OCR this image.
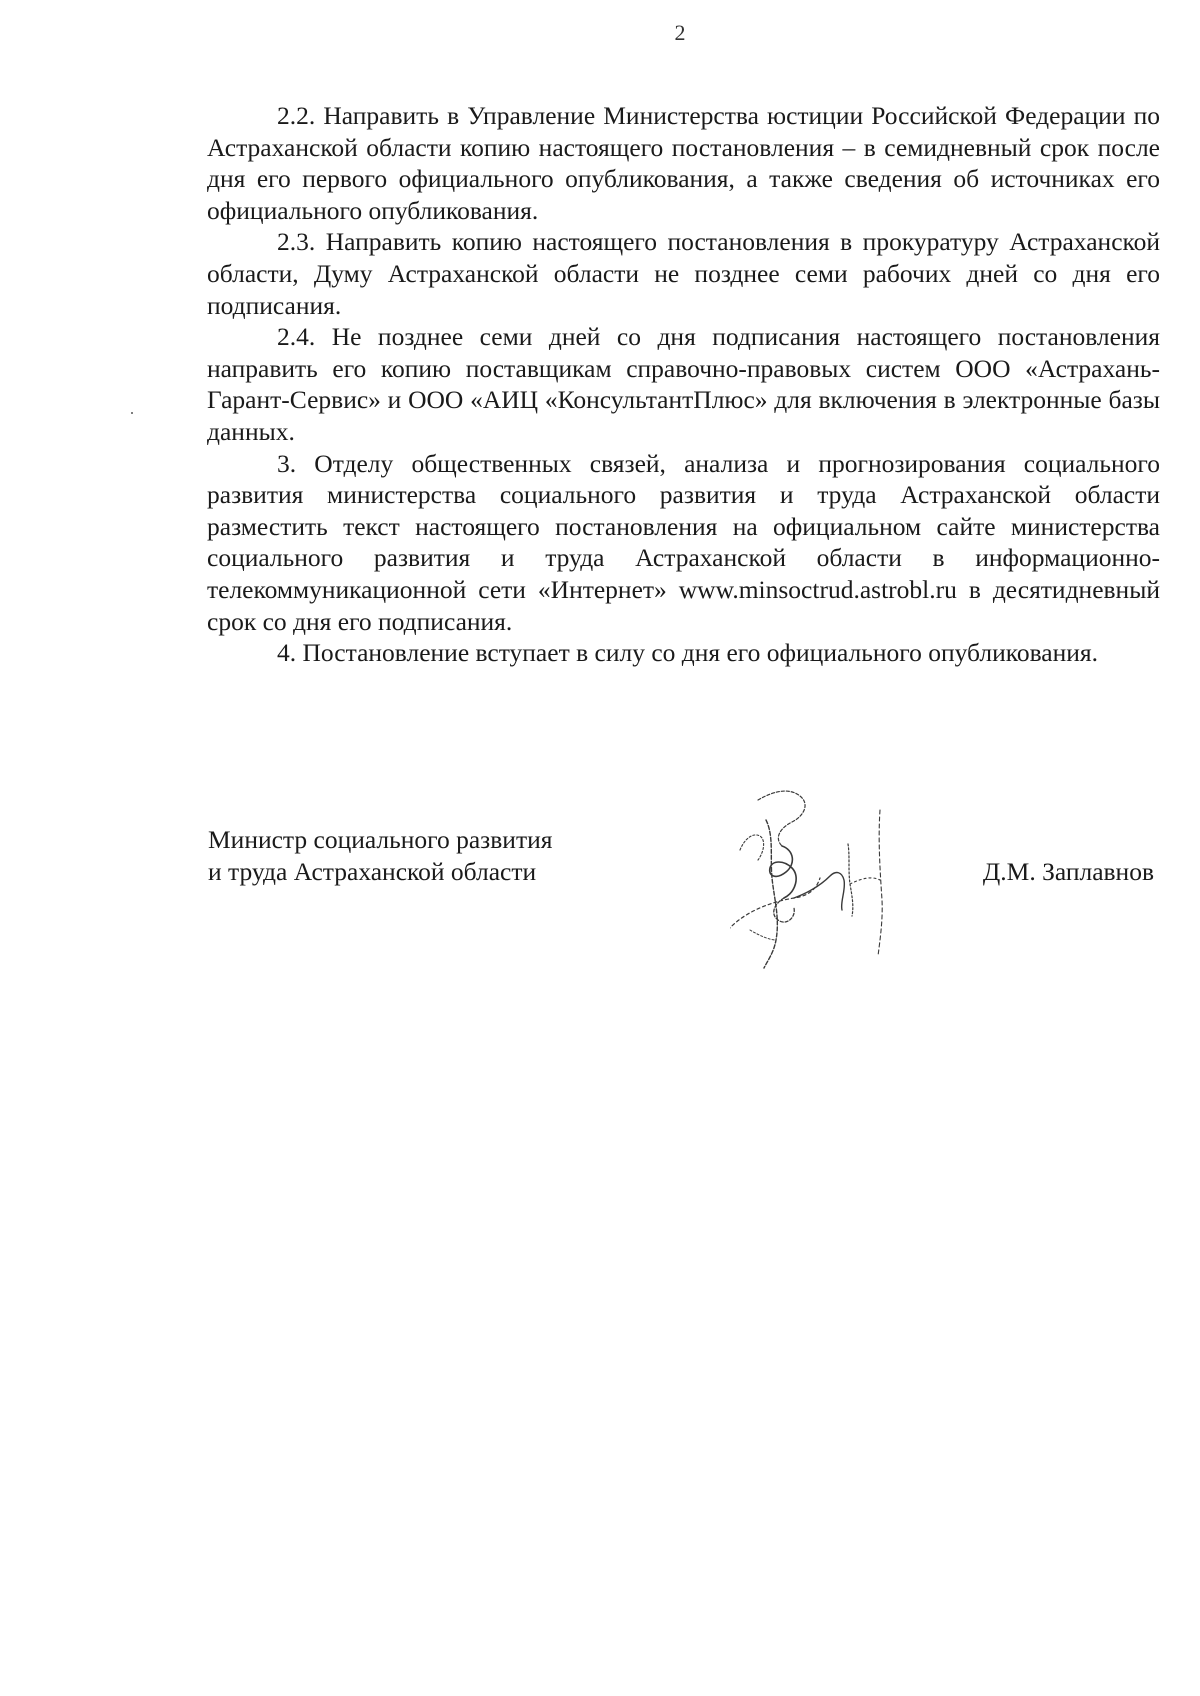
2

2.2. Направить в Управление Министерства юстиции Российской Федерации по Астраханской области копию настоящего постановления – в семидневный срок после дня его первого официального опубликования, а также сведения об источниках его официального опубликования.

2.3. Направить копию настоящего постановления в прокуратуру Астраханской области, Думу Астраханской области не позднее семи рабочих дней со дня его подписания.

2.4. Не позднее семи дней со дня подписания настоящего постановления направить его копию поставщикам справочно-правовых систем ООО «Астрахань-Гарант-Сервис» и ООО «АИЦ «КонсультантПлюс» для включения в электронные базы данных.

3. Отделу общественных связей, анализа и прогнозирования социального развития министерства социального развития и труда Астраханской области разместить текст настоящего постановления на официальном сайте министерства социального развития и труда Астраханской области в информационно-телекоммуникационной сети «Интернет» www.minsoctrud.astrobl.ru в десятидневный срок со дня его подписания.

4. Постановление вступает в силу со дня его официального опубликования.

Министр социального развития
и труда Астраханской области	Д.М. Заплавнов
